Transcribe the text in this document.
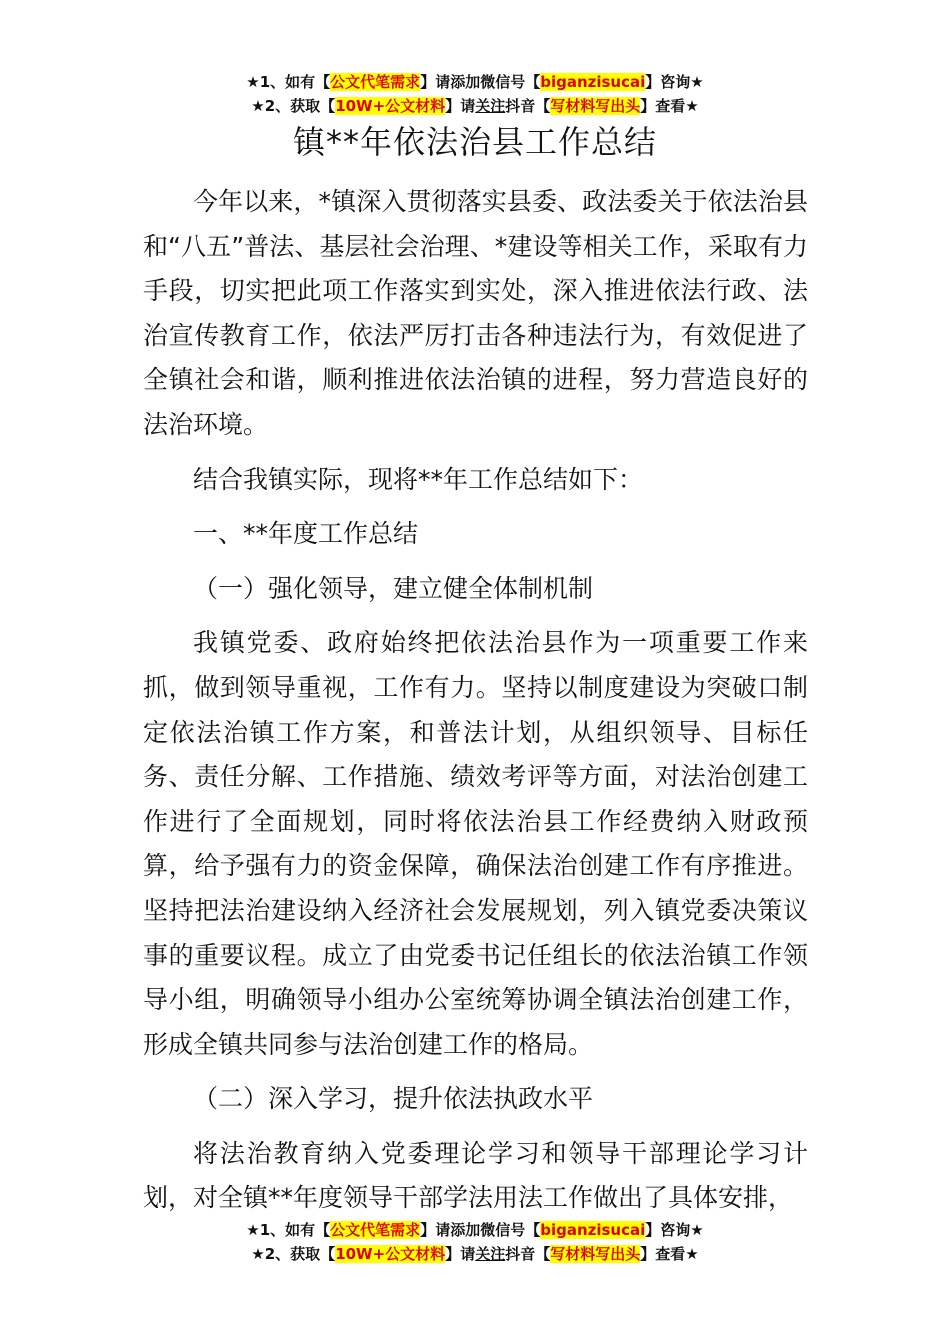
★1、如有【公文代笔需求】请添加微信号【biganzisucai】咨询★
★2、获取【10W+公文材料】请关注抖音【写材料写出头】查看★
镇**年依法治县工作总结

今年以来，*镇深入贯彻落实县委、政法委关于依法治县和“八五”普法、基层社会治理、*建设等相关工作，采取有力手段，切实把此项工作落实到实处，深入推进依法行政、法治宣传教育工作，依法严厉打击各种违法行为，有效促进了全镇社会和谐，顺利推进依法治镇的进程，努力营造良好的法治环境。

结合我镇实际，现将**年工作总结如下：

一、**年度工作总结

（一）强化领导，建立健全体制机制

我镇党委、政府始终把依法治县作为一项重要工作来抓，做到领导重视，工作有力。坚持以制度建设为突破口制定依法治镇工作方案，和普法计划，从组织领导、目标任务、责任分解、工作措施、绩效考评等方面，对法治创建工作进行了全面规划，同时将依法治县工作经费纳入财政预算，给予强有力的资金保障，确保法治创建工作有序推进。坚持把法治建设纳入经济社会发展规划，列入镇党委决策议事的重要议程。成立了由党委书记任组长的依法治镇工作领导小组，明确领导小组办公室统筹协调全镇法治创建工作，形成全镇共同参与法治创建工作的格局。

（二）深入学习，提升依法执政水平

将法治教育纳入党委理论学习和领导干部理论学习计划，对全镇**年度领导干部学法用法工作做出了具体安排，

★1、如有【公文代笔需求】请添加微信号【biganzisucai】咨询★
★2、获取【10W+公文材料】请关注抖音【写材料写出头】查看★
